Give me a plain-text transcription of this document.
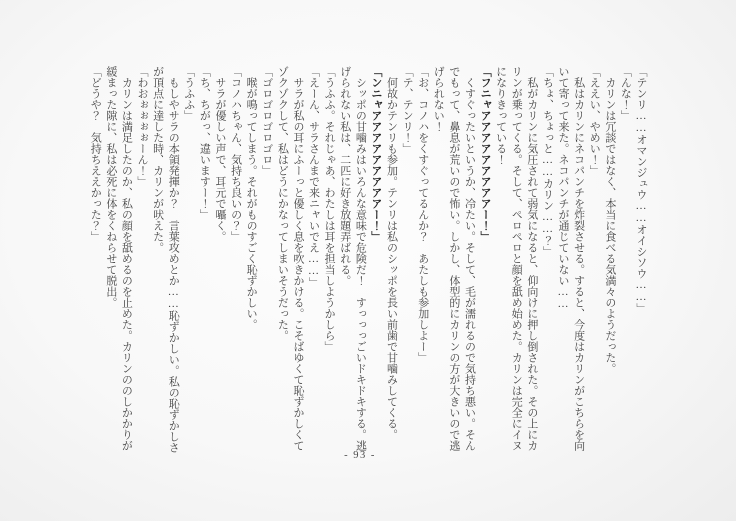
「テンリ……オマンジュウ……オイシソウ……」
「んな！」
　カリンは冗談ではなく、本当に食べる気満々のようだった。
「ええい、やめい！」
　私はカリンにネコパンチを炸裂させる。すると、今度はカリンがこちらを向
いて寄って来た。ネコパンチが通じていない……
「ちょ、ちょっと……カリン……？」
　私がカリンに気圧されて弱気になると、仰向けに押し倒された。その上にカ
リンが乗ってくる。そして、ペロペロと顔を舐め始めた。カリンは完全にイヌ
になりきっている！
「フニャアアアアアアアアアー！」
　くすぐったいというか、冷たい。そして、毛が濡れるので気持ち悪い。そん
でもって、鼻息が荒いので怖い。しかし、体型的にカリンの方が大きいので逃
げられない！
「お、コノハをくすぐってるんか？　あたしも参加しよー」
「テ、テンリ！」
　何故かテンリも参加。テンリは私のシッポを長い前歯で甘噛みしてくる。
「ンニャアアアアアアアアアー！」
　シッポの甘噛みはいろんな意味で危険だ！　すっっっごいドキドキする。逃
げられない私は、二匹に好き放題弄ばれる。
「うふふ。それじゃあ、わたしは耳を担当しようかしら」
「えーん、サラさんまで来ニャいでえ……」
　サラが私の耳にふーっと優しく息を吹きかける。こそばゆくて恥ずかしくて
ゾクゾクして、私はどうにかなってしまいそうだった。
「ゴロゴロゴロゴロ」
　喉が鳴ってしまう。それがものすごく恥ずかしい。
「コノハちゃん、気持ち良いの？」
　サラが優しい声で、耳元で囁く。
「ち、ちがっ、違いますー！」
「うふふ」
　もしやサラの本領発揮か？　言葉攻めとか……恥ずかしい。私の恥ずかしさ
が頂点に達した時、カリンが吠えた。
「わおぉぉぉぉーん！」
　カリンは満足したのか、私の顔を舐めるのを止めた。カリンののしかかりが
緩まった隙に、私は必死に体をくねらせて脱出。
「どうや？　気持ちええかった？」
- 93 -
